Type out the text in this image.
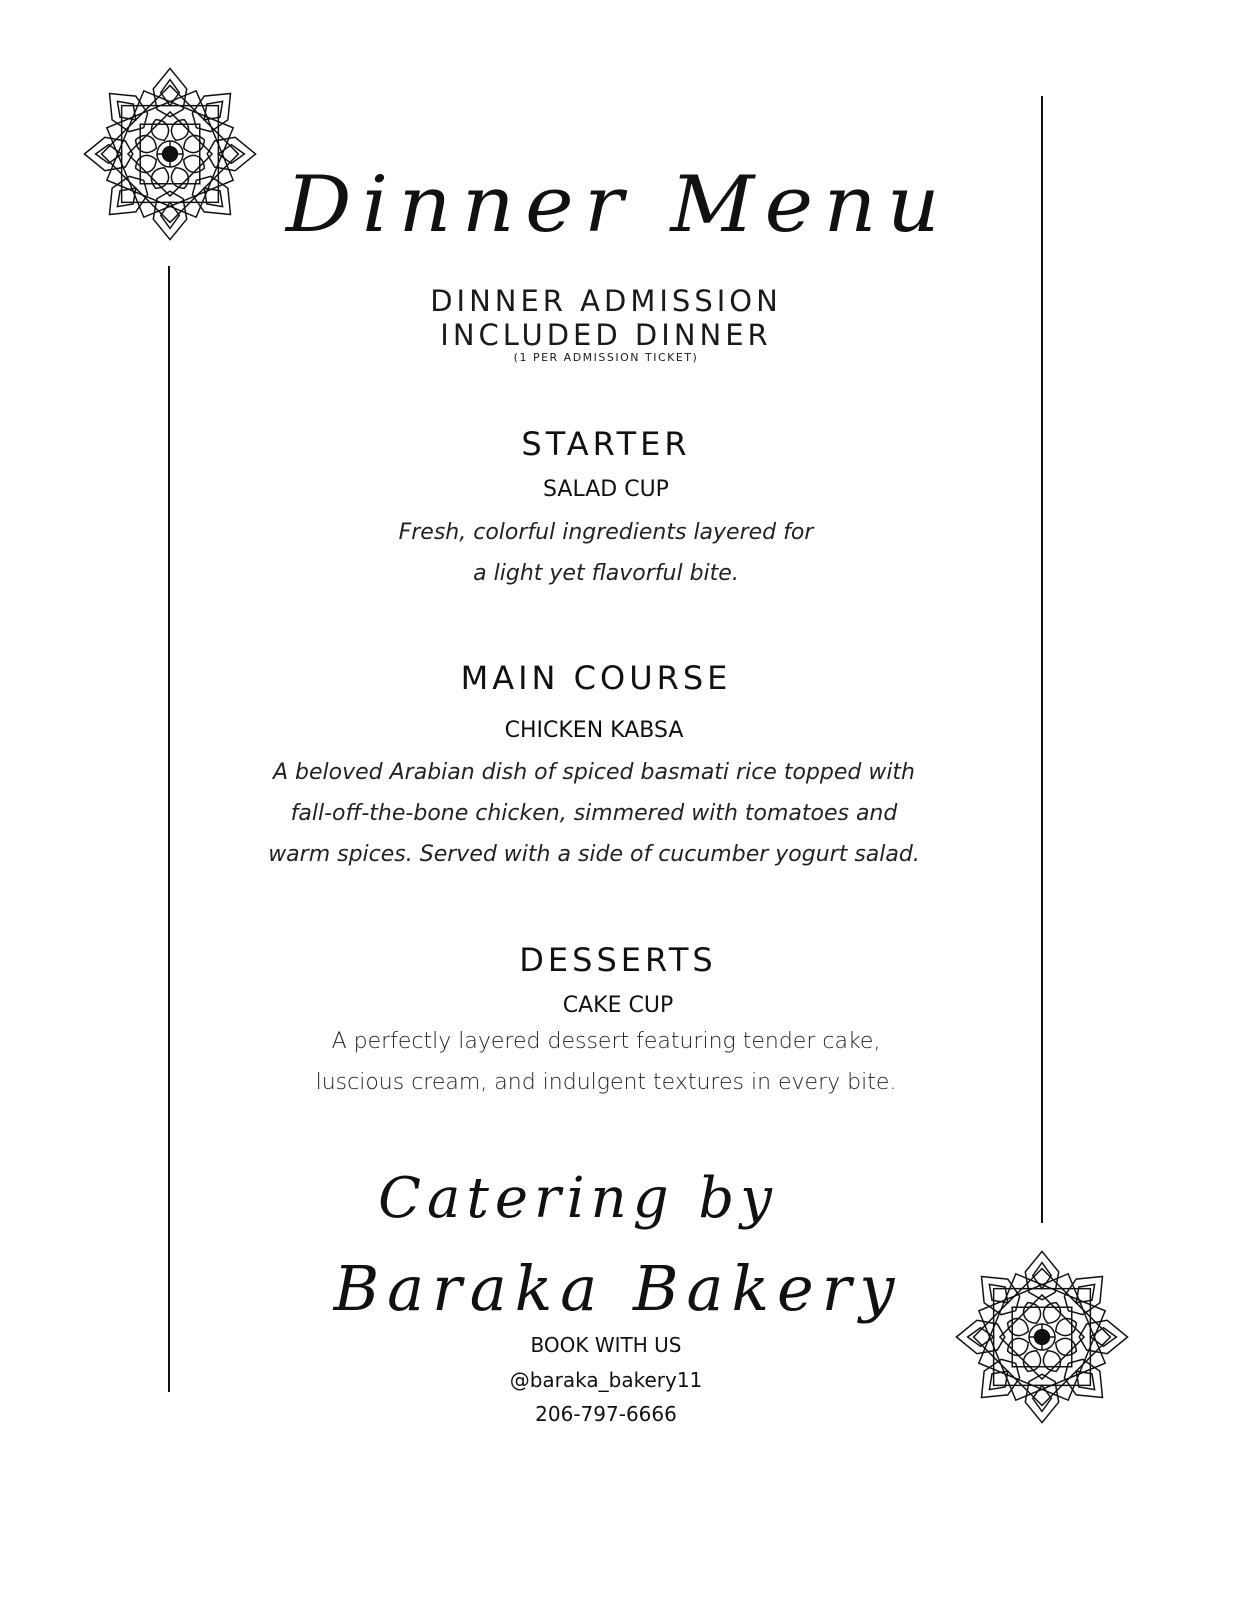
Dinner Menu
DINNER ADMISSION
INCLUDED DINNER
(1 PER ADMISSION TICKET)
STARTER
SALAD CUP
Fresh, colorful ingredients layered for
a light yet flavorful bite.
MAIN COURSE
CHICKEN KABSA
A beloved Arabian dish of spiced basmati rice topped with
fall-off-the-bone chicken, simmered with tomatoes and
warm spices. Served with a side of cucumber yogurt salad.
DESSERTS
CAKE CUP
A perfectly layered dessert featuring tender cake,
luscious cream, and indulgent textures in every bite.
Catering by
Baraka Bakery
BOOK WITH US
@baraka_bakery11
206-797-6666
